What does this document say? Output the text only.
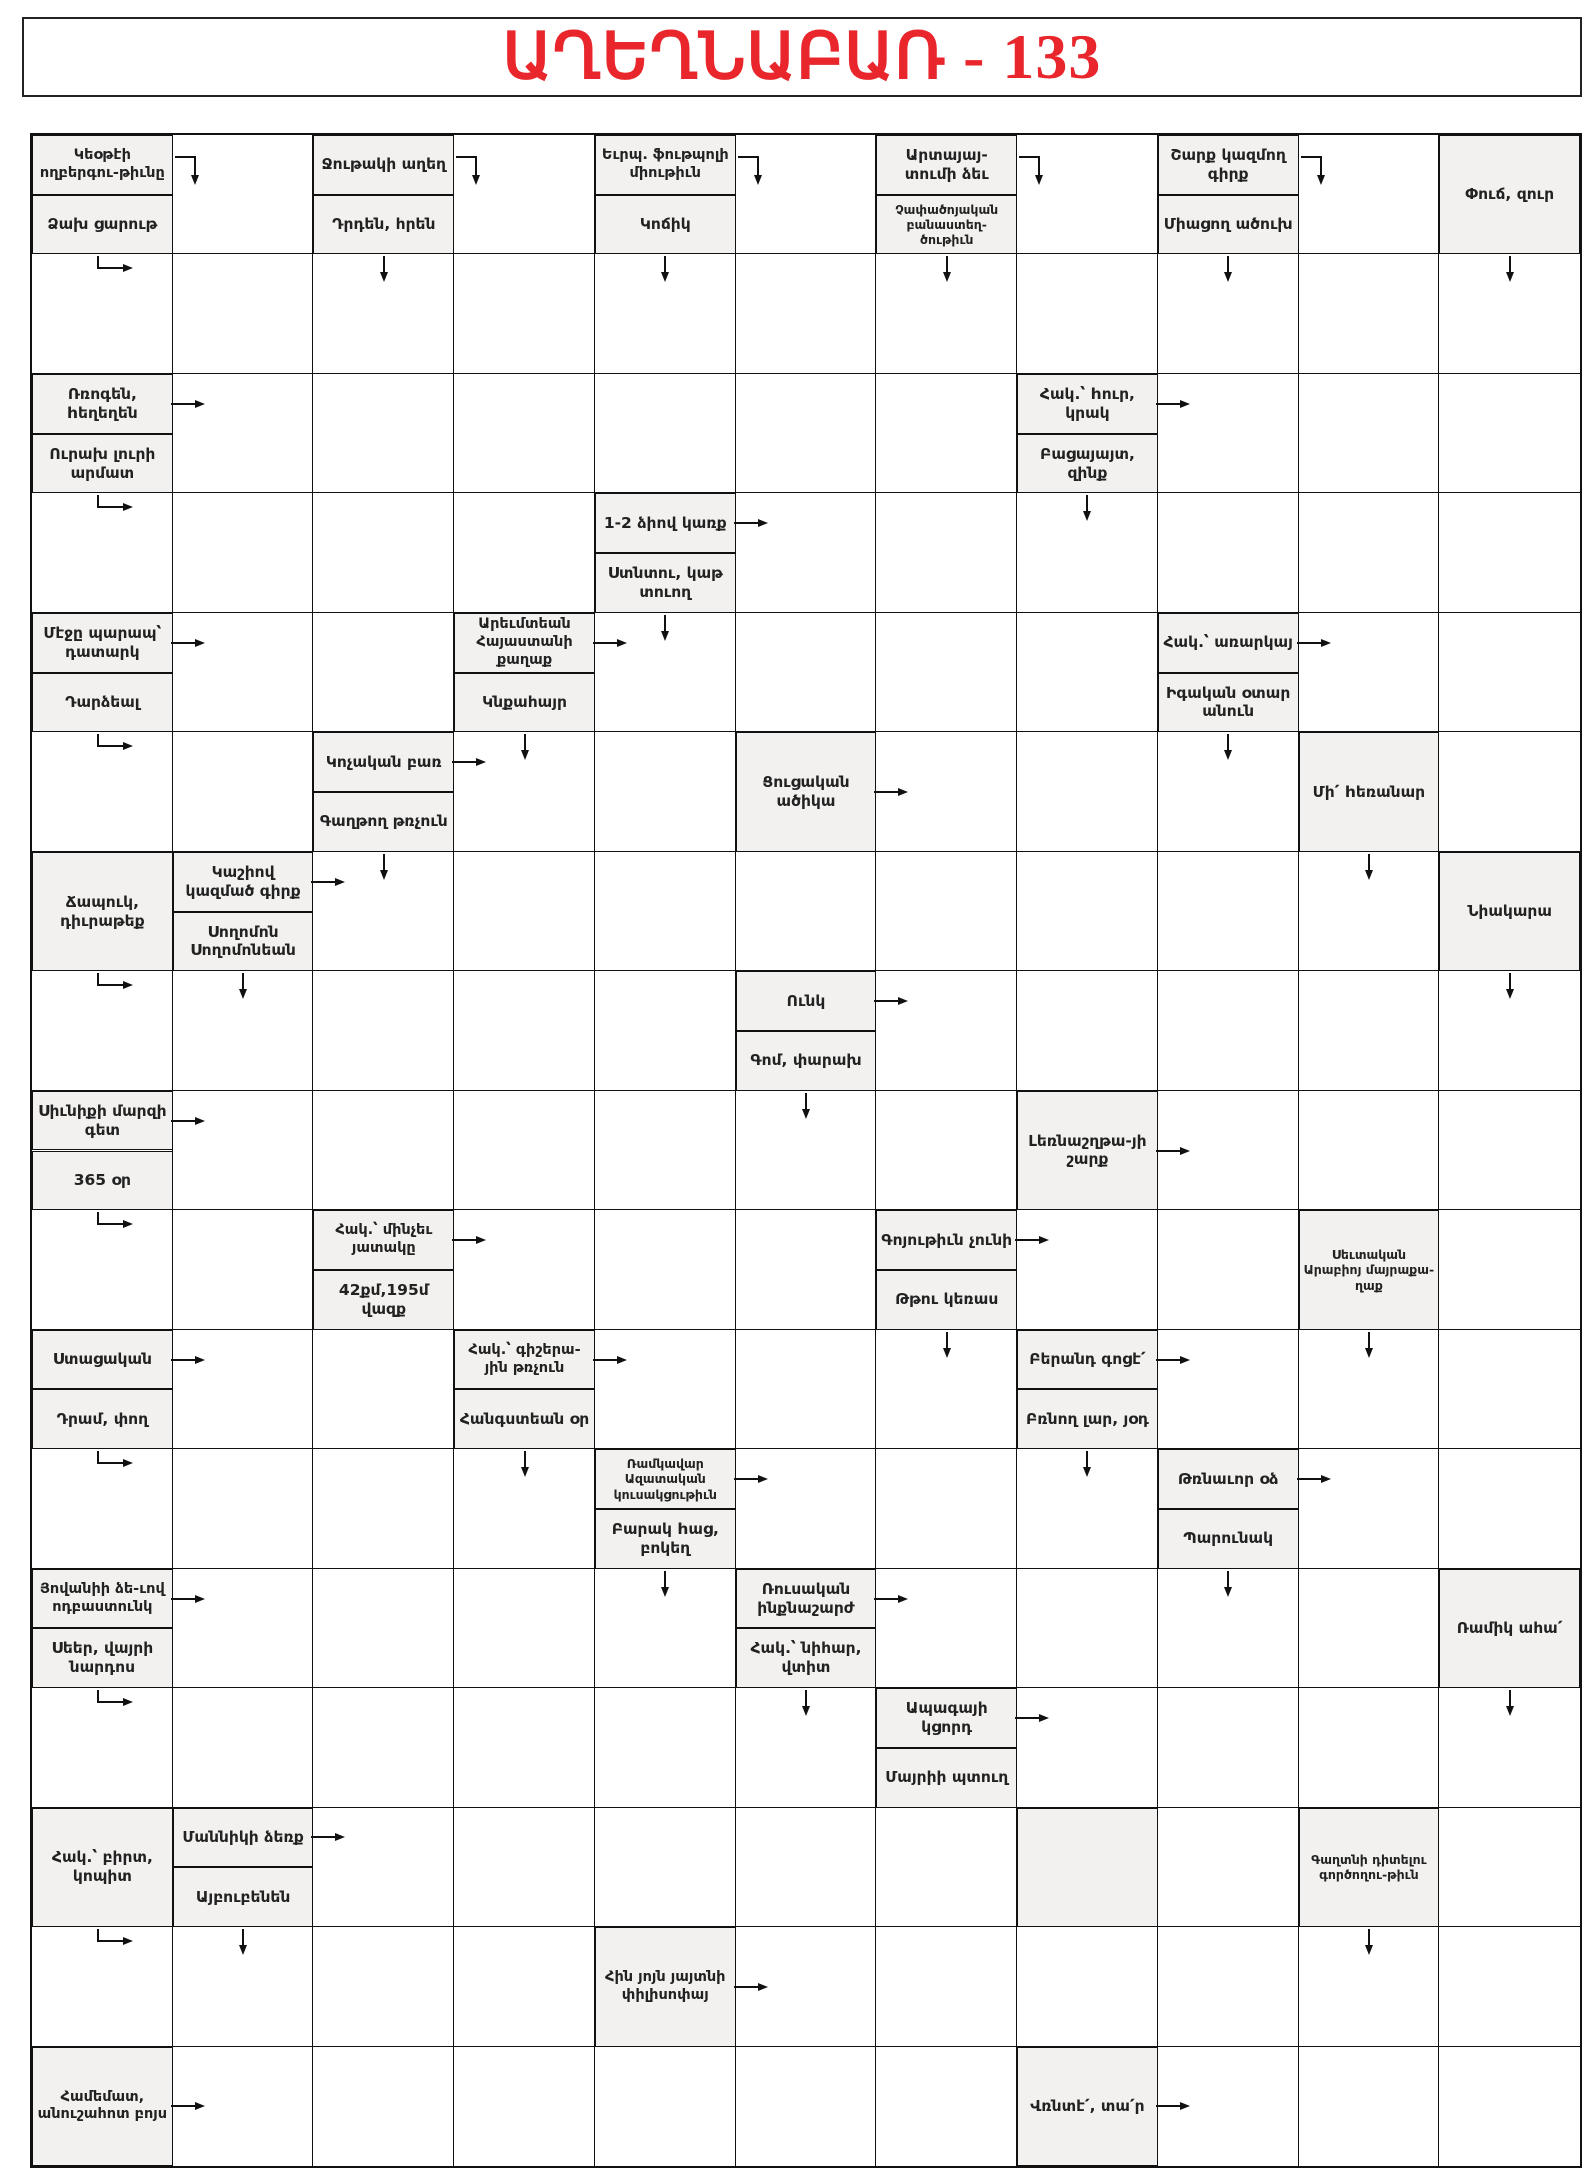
ԱՂԵՂՆԱԲԱՌ - 133
Կեօթէի ողբերգու-թիւնը
Ձախ ցարութ
Ջութակի աղեղ
Դրդեն, հրեն
Եւրպ. ֆութպոլի միութիւն
Կոճիկ
Արտայայ-տումի ձեւ
Չափածոյական բանաստեղ-ծութիւն
Շարք կազմող գիրք
Միացող ածուխ
Փուճ, զուր
Ռռոգեն, hեղեղեն
Ուրախ լուրի արմատ
Հակ.՝ hուր, կրակ
Բացայայտ, զինք
1-2 ձիով կառք
Ստնտու, կաթ տուող
Մէջը պարապ՝ դատարկ
Դարձեալ
Արեւմտեան Հայաստանի քաղաք
Կնքահայր
Հակ.՝ առարկայ
Իգական օտար անուն
Կոչական բառ
Գաղթող թռչուն
Ցուցական ածիկա
Մի՛ hեռանար
Ճապուկ, դիւրաթեք
Կաշիով կազմած գիրք
Սողոմոն Սողոմոնեան
Նիակարա
Ունկ
Գոմ, փարախ
Սիւնիքի մարզի գետ
365 օր
Լեռնաշղթա-յի շարք
Հակ.՝ մինչեւ յատակը
42քմ,195մ վազք
Գոյութիւն չունի
Թթու կեռաս
Սեւտական Արաբիոյ մայրաքա-ղաք
Ստացական
Դրամ, փող
Հակ.՝ գիշերա-յին թռչուն
Հանգստեան օր
Բերանդ գոցէ՛
Բռնող լար, յօդ
Ռամկավար Ազատական կուսակցութիւն
Բարակ hաց, բոկեղ
Թռնաւոր օձ
Պարունակ
Յովանիի ձե-ւով ոդբաստունկ
Սեեր, վայրի նարդոս
Ռուսական ինքնաշարժ
Հակ.՝ նիհար, վտիտ
Ռամիկ ահա՛
Ապագայի կցորդ
Մայրիի պտուղ
Հակ.՝ բիրտ, կոպիտ
Մաննիկի ձեռք
Այբուբենեն
Գաղտնի դիտելու գործողու-թիւն
Հին յոյն յայտնի փիլիսոփայ
Համեմատ, անուշահոտ բոյս	Վռնտէ՛, տա՛ր
